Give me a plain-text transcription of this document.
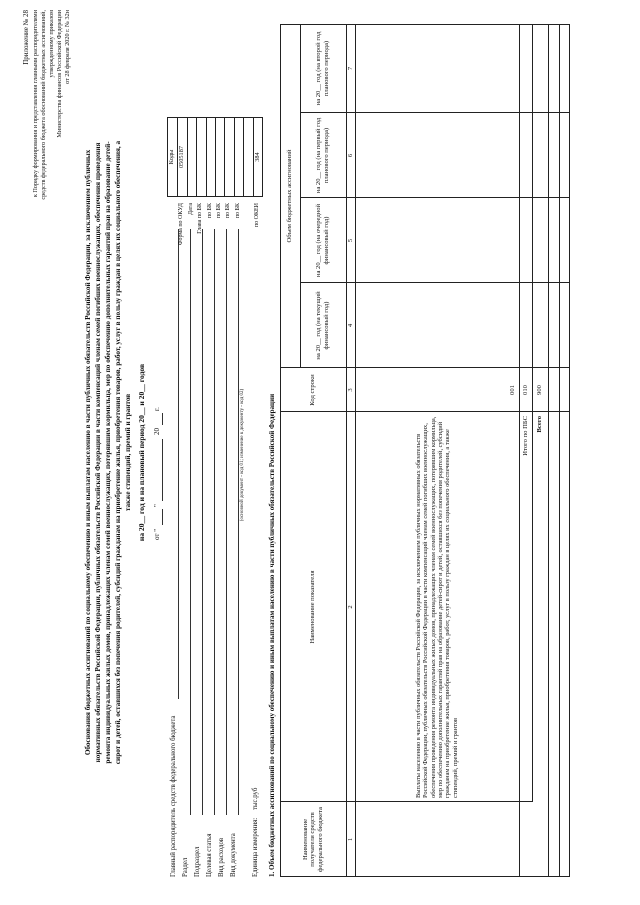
Приложение № 28 к Порядку формирования и представления главными распорядителями средств федерального бюджета обоснований бюджетных ассигнований, утвержденному приказом Министерства финансов Российской Федерации от 28 февраля 2020 г. № 32н
Обоснования бюджетных ассигнований по социальному обеспечению и иным выплатам населению в части публичных обязательств Российской Федерации, за исключением публичных нормативных обязательств Российской Федерации, публичных обязательств Российской Федерации в части компенсаций членам семей погибших военнослужащих, обеспечения проведения ремонта индивидуальных жилых домов, принадлежащих членам семей военнослужащих, потерявшим кормильца, мер по обеспечению дополнительных гарантий прав на образование детей- сирот и детей, оставшихся без попечения родителей, субсидий гражданам на приобретение жилья, приобретения товаров, работ, услуг в пользу граждан в целях их социального обеспечения, а также стипендий, премий и грантов на 20__ год и на плановый период 20__ и 20__ годов от "
"
20
г.
Главный распорядитель средств федерального бюджета Раздел Подраздел Целевая статья Вид расходов Вид документа
(основной документ - код 01; изменение к документу - код 02)
Единица измерения:
тыс.руб
Коды
Форма по ОКУД
0505187
Дата Глава по БК по БК по БК по БК по БК по ОКЕИ
384
1. Объем бюджетных ассигнований по социальному обеспечению и иным выплатам населению в части публичных обязательств Российской Федерации	Наименование получателя средств федерального бюджета
Наименование показателя
Код строки
Объем бюджетных ассигнований
на 20__ год (на текущий финансовый год)
на 20__ год (на очередной финансовый год)
на 20__ год (на первый год планового периода)
на 20__ год (на второй год планового периода)
1
2
3
4
5
6
7
Выплаты населению в части публичных обязательств Российской Федерации, за исключением публичных нормативных обязательств Российской Федерации, публичных обязательств Российской Федерации в части компенсаций членам семей погибших военнослужащих, обеспечения проведения ремонта индивидуальных жилых домов, принадлежащих членам семей военнослужащих, потерявшим кормильца, мер по обеспечению дополнительных гарантий прав на образование детей-сирот и детей, оставшихся без попечения родителей, субсидий гражданам на приобретение жилья, приобретения товаров, работ, услуг в пользу граждан в целях их социального обеспечения, а также стипендий, премий и грантов
001
Итого по ПБС
010
Всего
900
